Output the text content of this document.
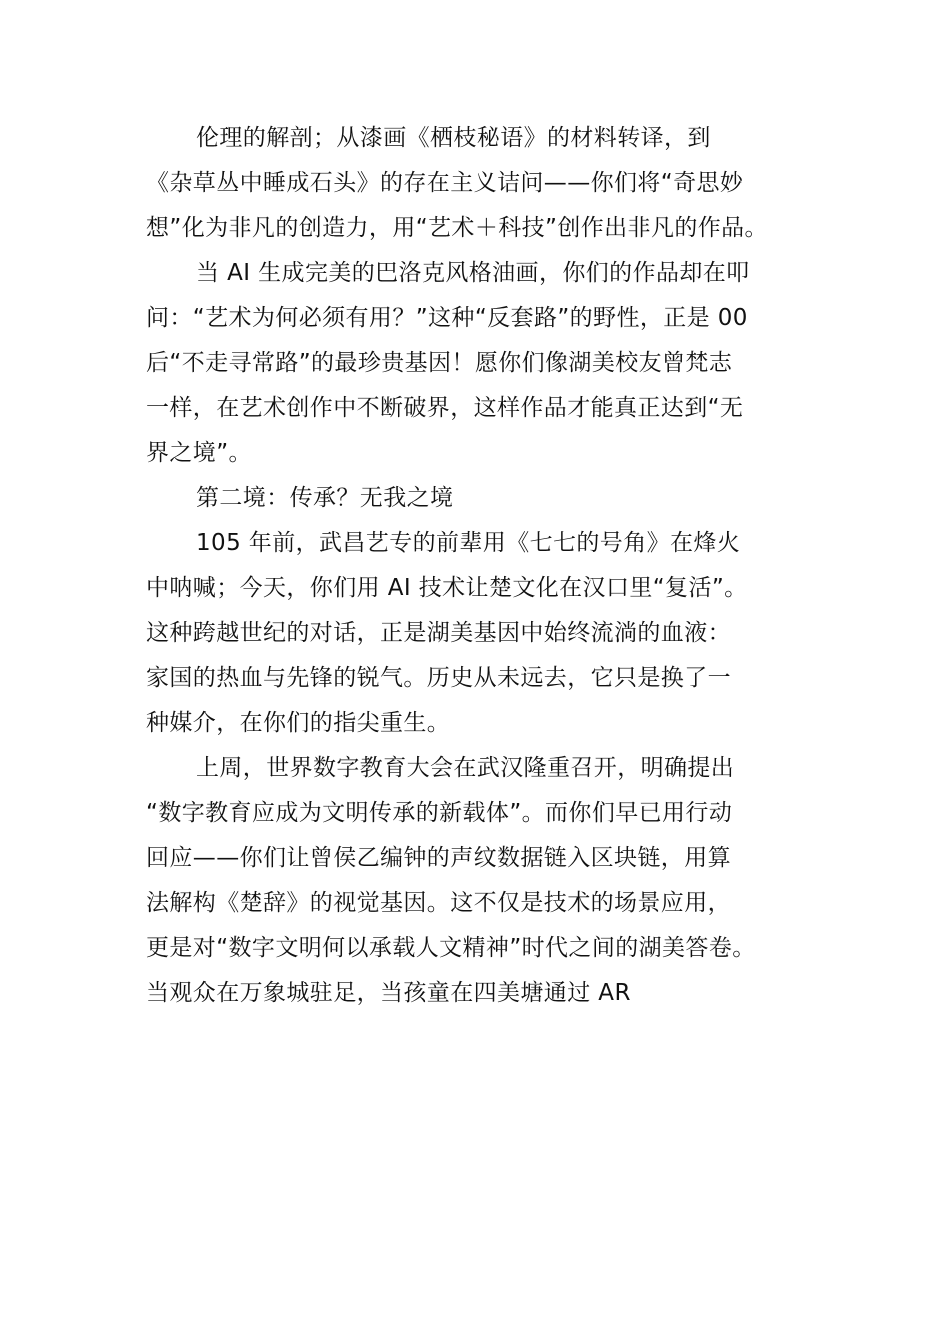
伦理的解剖；从漆画《栖枝秘语》的材料转译，到
《杂草丛中睡成石头》的存在主义诘问——你们将“奇思妙
想”化为非凡的创造力，用“艺术＋科技”创作出非凡的作品。
当 AI 生成完美的巴洛克风格油画，你们的作品却在叩
问：“艺术为何必须有用？”这种“反套路”的野性，正是 00
后“不走寻常路”的最珍贵基因！愿你们像湖美校友曾梵志
一样，在艺术创作中不断破界，这样作品才能真正达到“无
界之境”。
第二境：传承？无我之境
105 年前，武昌艺专的前辈用《七七的号角》在烽火
中呐喊；今天，你们用 AI 技术让楚文化在汉口里“复活”。
这种跨越世纪的对话，正是湖美基因中始终流淌的血液：
家国的热血与先锋的锐气。历史从未远去，它只是换了一
种媒介，在你们的指尖重生。
上周，世界数字教育大会在武汉隆重召开，明确提出
“数字教育应成为文明传承的新载体”。而你们早已用行动
回应——你们让曾侯乙编钟的声纹数据链入区块链，用算
法解构《楚辞》的视觉基因。这不仅是技术的场景应用，
更是对“数字文明何以承载人文精神”时代之间的湖美答卷。
当观众在万象城驻足，当孩童在四美塘通过 AR
